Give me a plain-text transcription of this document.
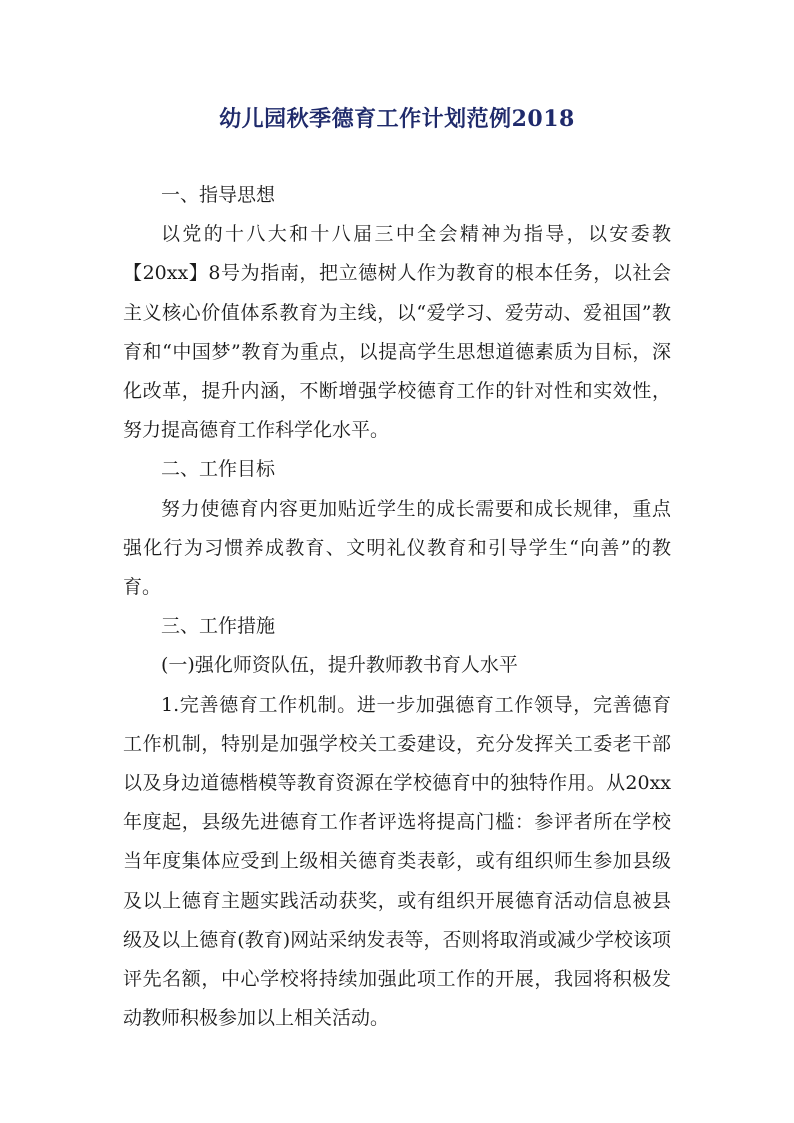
幼儿园秋季德育工作计划范例2018

一、指导思想

以党的十八大和十八届三中全会精神为指导，以安委教【20xx】8号为指南，把立德树人作为教育的根本任务，以社会主义核心价值体系教育为主线，以“爱学习、爱劳动、爱祖国”教育和“中国梦”教育为重点，以提高学生思想道德素质为目标，深化改革，提升内涵，不断增强学校德育工作的针对性和实效性，努力提高德育工作科学化水平。

二、工作目标

努力使德育内容更加贴近学生的成长需要和成长规律，重点强化行为习惯养成教育、文明礼仪教育和引导学生“向善”的教育。

三、工作措施

(一)强化师资队伍，提升教师教书育人水平

1.完善德育工作机制。进一步加强德育工作领导，完善德育工作机制，特别是加强学校关工委建设，充分发挥关工委老干部以及身边道德楷模等教育资源在学校德育中的独特作用。从20xx年度起，县级先进德育工作者评选将提高门槛：参评者所在学校当年度集体应受到上级相关德育类表彰，或有组织师生参加县级及以上德育主题实践活动获奖，或有组织开展德育活动信息被县级及以上德育(教育)网站采纳发表等，否则将取消或减少学校该项评先名额，中心学校将持续加强此项工作的开展，我园将积极发动教师积极参加以上相关活动。
